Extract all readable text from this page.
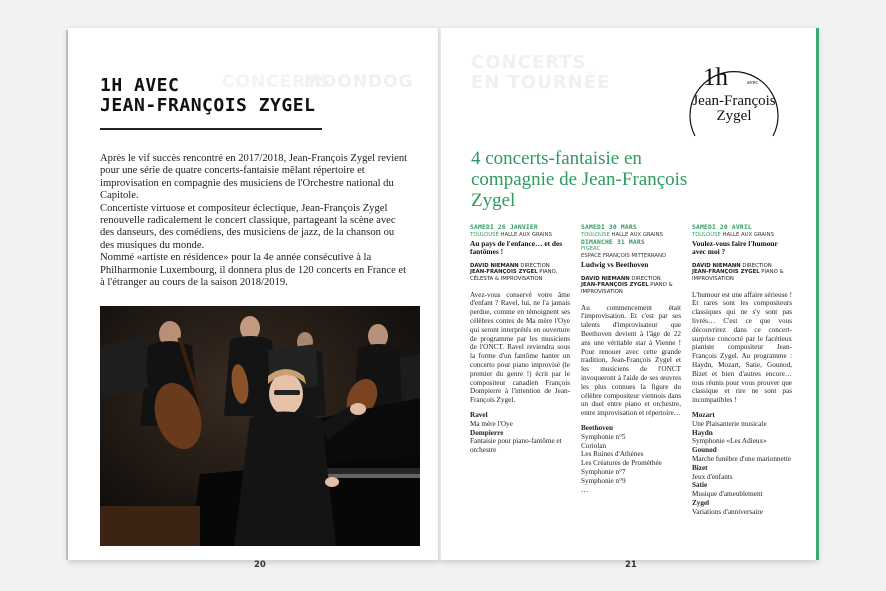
MOONDOG
CONCERTS
1H AVEC
JEAN-FRANÇOIS ZYGEL

Après le vif succès rencontré en 2017/2018, Jean-François Zygel revient pour une série de quatre concerts-fantaisie mêlant répertoire et improvisation en compagnie des musiciens de l'Orchestre national du Capitole.

Concertiste virtuose et compositeur éclectique, Jean-François Zygel renouvelle radicalement le concert classique, partageant la scène avec des danseurs, des comédiens, des musiciens de jazz, de la chanson ou des musiques du monde.

Nommé «artiste en résidence» pour la 4e année consécutive à la Philharmonie Luxembourg, il donnera plus de 120 concerts en France et à l'étranger au cours de la saison 2018/2019.

20
CONCERTS
EN TOURNÉE	1h	avec
Jean-François
Zygel
4 concerts-fantaisie en compagnie de Jean-François Zygel
SAMEDI 26 JANVIER
TOULOUSE HALLE AUX GRAINS
Au pays de l'enfance… et des fantômes !
DAVID NIEMANN DIRECTION
JEAN-FRANÇOIS ZYGEL PIANO, CÉLESTA & IMPROVISATION
Avez-vous conservé votre âme d'enfant ? Ravel, lui, ne l'a jamais perdue, comme en témoignent ses célèbres contes de Ma mère l'Oye qui seront interprétés en ouverture de programme par les musiciens de l'ONCT. Ravel reviendra sous la forme d'un fantôme hanter un concerto pour piano improvisé (le premier du genre !) écrit par le compositeur canadien François Dompierre à l'intention de Jean-François Zygel.
Ravel
Ma mère l'Oye
Dompierre
Fantaisie pour piano-fantôme et orchestre
SAMEDI 30 MARS
TOULOUSE HALLE AUX GRAINS
DIMANCHE 31 MARS
FIGEAC
ESPACE FRANÇOIS MITTERRAND
Ludwig vs Beethoven
DAVID NIEMANN DIRECTION
JEAN-FRANÇOIS ZYGEL PIANO & IMPROVISATION
Au commencement était l'improvisation. Et c'est par ses talents d'improvisateur que Beethoven devient à l'âge de 22 ans une véritable star à Vienne ! Pour renouer avec cette grande tradition, Jean-François Zygel et les musiciens de l'ONCT invoqueront à l'aide de ses œuvres les plus connues la figure du célèbre compositeur viennois dans un duel entre piano et orchestre, entre improvisation et répertoire…
Beethoven
Symphonie n°5
Coriolan
Les Ruines d'Athènes
Les Créatures de Prométhée
Symphonie n°7
Symphonie n°9
…
SAMEDI 20 AVRIL
TOULOUSE HALLE AUX GRAINS
Voulez-vous faire l'humour avec moi ?
DAVID NIEMANN DIRECTION
JEAN-FRANÇOIS ZYGEL PIANO & IMPROVISATION
L'humour est une affaire sérieuse ! Et rares sont les compositeurs classiques qui ne s'y sont pas livrés… C'est ce que vous découvrirez dans ce concert-surprise concocté par le facétieux pianiste compositeur Jean-François Zygel. Au programme : Haydn, Mozart, Satie, Gounod, Bizet et bien d'autres encore… tous réunis pour vous prouver que classique et rire ne sont pas incompatibles !
Mozart
Une Plaisanterie musicale
Haydn
Symphonie «Les Adieux»
Gounod
Marche funèbre d'une marionnette
Bizet
Jeux d'enfants
Satie
Musique d'ameublement
Zygel
Variations d'anniversaire
21
